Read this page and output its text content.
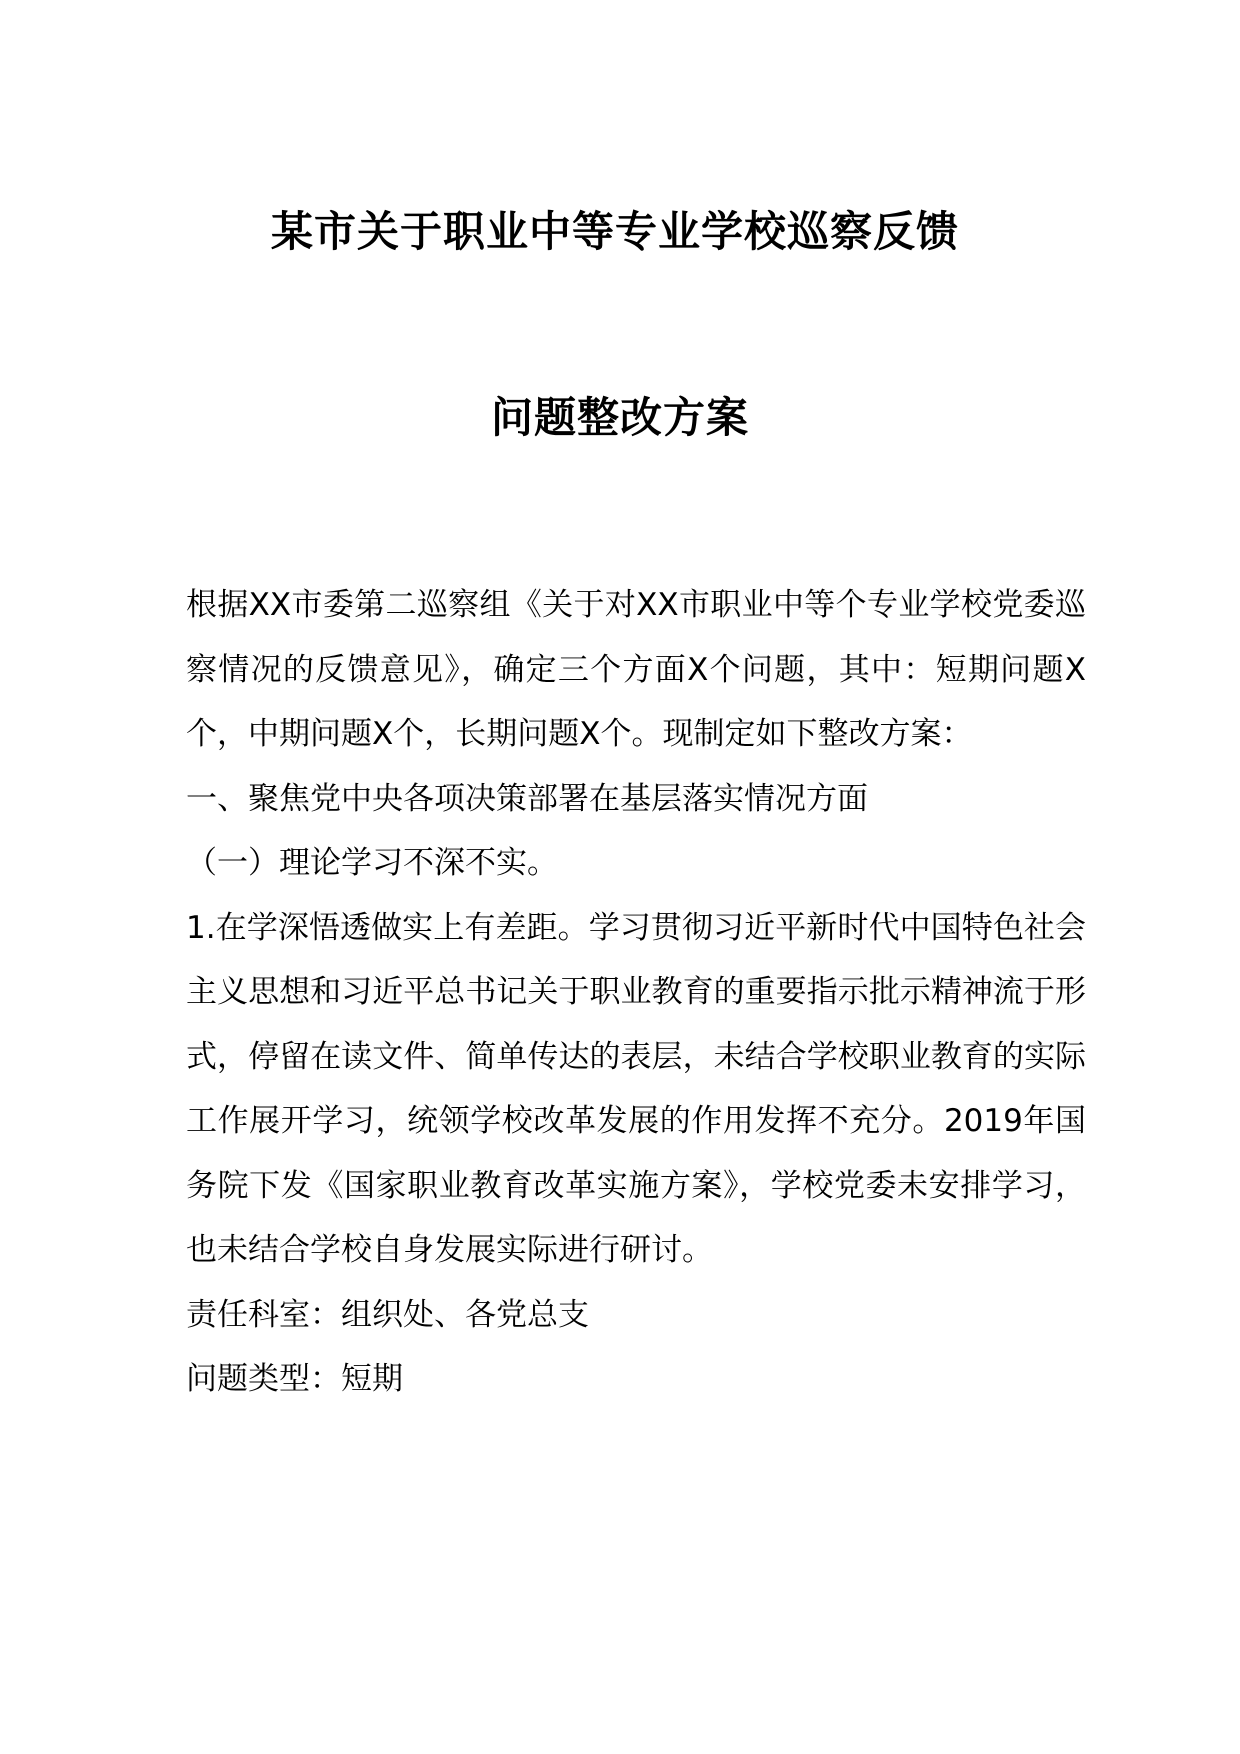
某市关于职业中等专业学校巡察反馈
问题整改方案

根据XX市委第二巡察组《关于对XX市职业中等个专业学校党委巡察情况的反馈意见》，确定三个方面X个问题，其中：短期问题X个，中期问题X个，长期问题X个。现制定如下整改方案：

一、聚焦党中央各项决策部署在基层落实情况方面

（一）理论学习不深不实。

1.在学深悟透做实上有差距。学习贯彻习近平新时代中国特色社会主义思想和习近平总书记关于职业教育的重要指示批示精神流于形式，停留在读文件、简单传达的表层，未结合学校职业教育的实际工作展开学习，统领学校改革发展的作用发挥不充分。2019年国务院下发《国家职业教育改革实施方案》，学校党委未安排学习，也未结合学校自身发展实际进行研讨。

责任科室：组织处、各党总支

问题类型：短期
